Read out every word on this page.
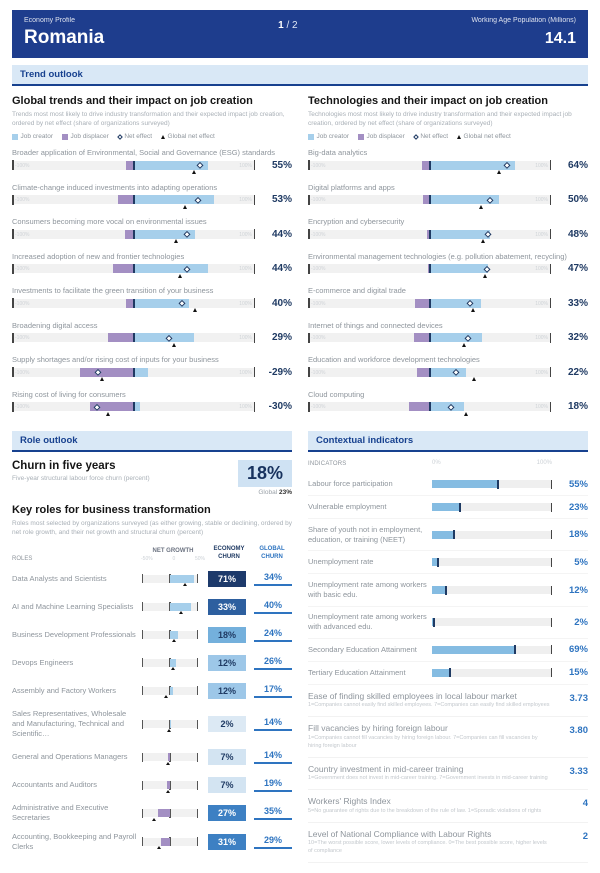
Economy Profile
Romania
1 / 2	Working Age Population (Millions)
14.1
Trend outlook
Global trends and their impact on job creation
Trends most most likely to drive industry transformation and their expected impact job creation, ordered by net effect (share of organizations surveyed)
Job creator	Job displacer Net effect Global net effect
Broader application of Environmental, Social and Governance (ESG) standards
-100%	100%	55%
Climate-change induced investments into adapting operations
-100%	100%	53%
Consumers becoming more vocal on environmental issues
-100%	100%	44%
Increased adoption of new and frontier technologies
-100%	100%	44%
Investments to facilitate the green transition of your business
-100%	100%	40%
Broadening digital access
-100%	100%	29%
Supply shortages and/or rising cost of inputs for your business
-100%	100%	-29%
Rising cost of living for consumers
-100%	100%	-30%
Technologies and their impact on job creation
Technologies most most likely to drive industry transformation and their expected impact job creation, ordered by net effect (share of organizations surveyed)
Job creator	Job displacer Net effect Global net effect
Big-data analytics
-100%	100%	64%
Digital platforms and apps
-100%	100%	50%
Encryption and cybersecurity
-100%	100%	48%
Environmental management technologies (e.g. pollution abatement, recycling)
-100%	100%	47%
E-commerce and digital trade
-100%	100%	33%
Internet of things and connected devices
-100%	100%	32%
Education and workforce development technologies
-100%	100%	22%
Cloud computing
-100%	100%	18%
Role outlook
Churn in five years
Five-year structural labour force churn (percent)	18%
Global 23%
Key roles for business transformation
Roles most selected by organizations surveyed (as either growing, stable or declining, ordered by net role growth, and their net growth and structural churn (percent)
ROLES
NET GROWTH
-50%	0	50%
ECONOMY CHURN
GLOBAL CHURN
Data Analysts and Scientists	71%	34%
AI and Machine Learning Specialists	33%	40%
Business Development Professionals	18%	24%
Devops Engineers	12%	26%
Assembly and Factory Workers	12%	17%
Sales Representatives, Wholesale and Manufacturing, Technical and Scientific…
2%	14%
General and Operations Managers	7%	14%
Accountants and Auditors	7%	19%
Administrative and Executive Secretaries	27%	35%
Accounting, Bookkeeping and Payroll Clerks	31%	29%
Contextual indicators
INDICATORS	0%	100%
Labour force participation	55%
Vulnerable employment	23%
Share of youth not in employment, education, or training (NEET)	18%
Unemployment rate	5%
Unemployment rate among workers with basic edu.	12%
Unemployment rate among workers with advanced edu.	2%
Secondary Education Attainment	69%
Tertiary Education Attainment	15%
Ease of finding skilled employees in local labour market
1=Companies cannot easily find skilled employees. 7=Companies can easily find skilled employees
3.73
Fill vacancies by hiring foreign labour
1=Companies cannot fill vacancies by hiring foreign labour. 7=Companies can fill vacancies by hiring foreign labour
3.80
Country investment in mid-career training
1=Government does not invest in mid-career training. 7=Government invests in mid-career training
3.33
Workers' Rights Index
5=No guarantee of rights due to the breakdown of the rule of law. 1=Sporadic violations of rights
4
Level of National Compliance with Labour Rights
10=The worst possible score, lower levels of compliance. 0=The best possible score, higher levels of compliance
2
